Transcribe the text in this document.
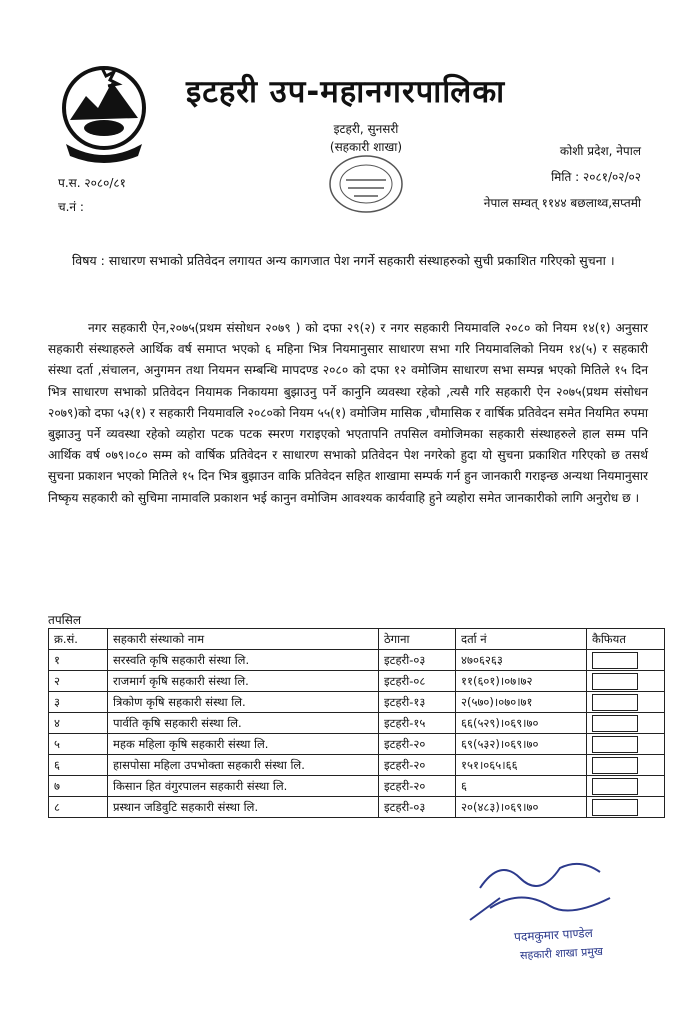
इटहरी उप-महानगरपालिका
इटहरी, सुनसरी
(सहकारी शाखा)	कोशी प्रदेश, नेपाल
मिति : २०८१/०२/०२
नेपाल सम्वत् ११४४ बछलाथ्व,सप्तमी
प.स. २०८०/८१
च.नं :
विषय : साधारण सभाको प्रतिवेदन लगायत अन्य कागजात पेश नगर्ने सहकारी संस्थाहरुको सुची प्रकाशित गरिएको सुचना ।
नगर सहकारी ऐन,२०७५(प्रथम संसोधन २०७९ ) को दफा २९(२) र नगर सहकारी नियमावलि २०८० को नियम १४(१) अनुसार सहकारी संस्थाहरुले आर्थिक वर्ष समाप्त भएको ६ महिना भित्र नियमानुसार साधारण सभा गरि नियमावलिको नियम १४(५) र सहकारी संस्था दर्ता ,संचालन, अनुगमन तथा नियमन सम्बन्धि मापदण्ड २०८० को दफा १२ वमोजिम साधारण सभा सम्पन्न भएको मितिले १५ दिन भित्र साधारण सभाको प्रतिवेदन नियामक निकायमा बुझाउनु पर्ने कानुनि व्यवस्था रहेको ,त्यसै गरि सहकारी ऐन २०७५(प्रथम संसोधन २०७९)को दफा ५३(१) र सहकारी नियमावलि २०८०को नियम ५५(१) वमोजिम मासिक ,चौमासिक र वार्षिक प्रतिवेदन समेत नियमित रुपमा बुझाउनु पर्ने व्यवस्था रहेको व्यहोरा पटक पटक स्मरण गराइएको भएतापनि तपसिल वमोजिमका सहकारी संस्थाहरुले हाल सम्म पनि आर्थिक वर्ष ०७९।०८० सम्म को वार्षिक प्रतिवेदन र साधारण सभाको प्रतिवेदन पेश नगरेको हुदा यो सुचना प्रकाशित गरिएको छ तसर्थ सुचना प्रकाशन भएको मितिले १५ दिन भित्र बुझाउन वाकि प्रतिवेदन सहित शाखामा सम्पर्क गर्न हुन जानकारी गराइन्छ अन्यथा नियमानुसार निष्कृय सहकारी को सुचिमा नामावलि प्रकाशन भई कानुन वमोजिम आवश्यक कार्यवाहि हुने व्यहोरा समेत जानकारीको लागि अनुरोध छ ।
तपसिल
क्र.सं.	सहकारी संस्थाको नाम	ठेगाना	दर्ता नं	कैफियत
१	सरस्वति कृषि सहकारी संस्था लि.	इटहरी-०३	४७०६२६३	
२	राजमार्ग कृषि सहकारी संस्था लि.	इटहरी-०८	११(६०१)।०७।७२	
३	त्रिकोण कृषि सहकारी संस्था लि.	इटहरी-१३	२(५७०)।०७०।७१	
४	पार्वति कृषि सहकारी संस्था लि.	इटहरी-१५	६६(५२९)।०६९।७०	
५	महक महिला कृषि सहकारी संस्था लि.	इटहरी-२०	६९(५३२)।०६९।७०	
६	हासपोसा महिला उपभोक्ता सहकारी संस्था लि.	इटहरी-२०	१५१।०६५।६६	
७	किसान हित वंगुरपालन सहकारी संस्था लि.	इटहरी-२०	६	
८	प्रस्थान जडिवुटि सहकारी संस्था लि.	इटहरी-०३	२०(४८३)।०६९।७०	
पदमकुमार पाण्डेल
सहकारी शाखा प्रमुख
